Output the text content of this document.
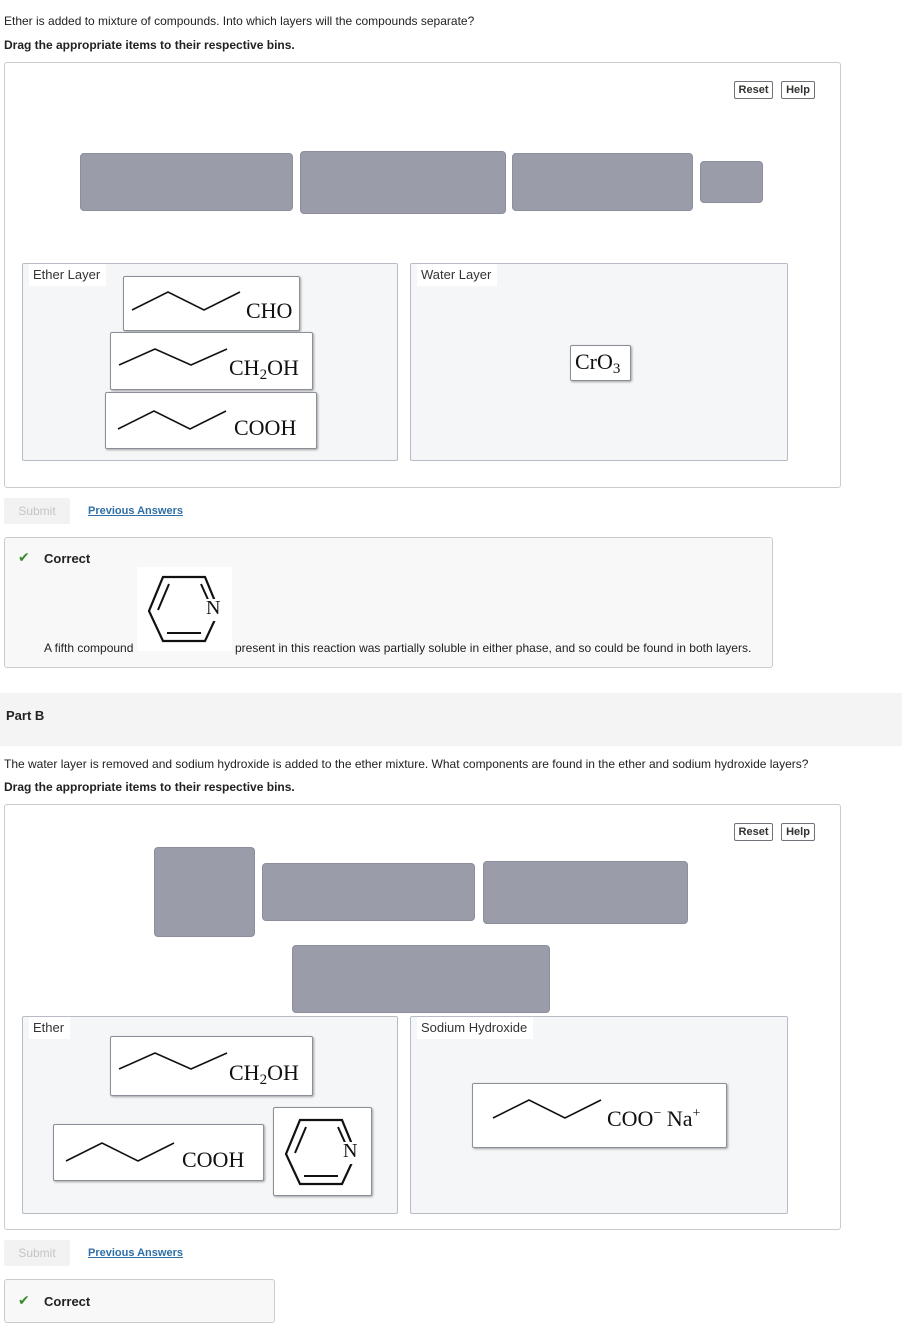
Ether is added to mixture of compounds. Into which layers will the compounds separate?
Drag the appropriate items to their respective bins.
Reset	Help
Ether Layer
CHO
$CH_2OH$
COOH
Water Layer
CrO$_3$
Submit	Previous Answers
✔ Correct
A fifth compound
N
present in this reaction was partially soluble in either phase, and so could be found in both layers.
Part B
The water layer is removed and sodium hydroxide is added to the ether mixture. What components are found in the ether and sodium hydroxide layers?
Drag the appropriate items to their respective bins.
Reset	Help
Ether
$CH_2OH$
COOH	N
Sodium Hydroxide
COO− Na+
Submit	Previous Answers
✔ Correct
